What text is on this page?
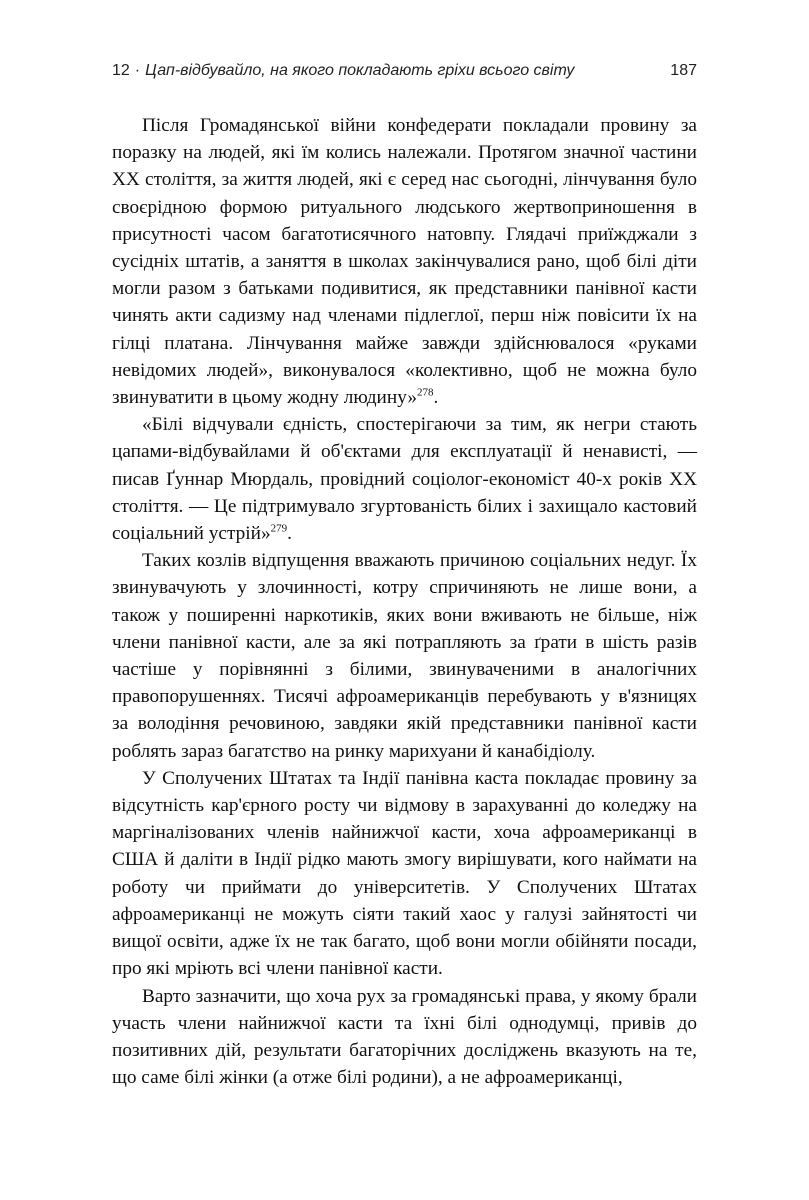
12 · Цап-відбувайло, на якого покладають гріхи всього світу	187

Після Громадянської війни конфедерати покладали провину за поразку на людей, які їм колись належали. Протягом значної частини XX століття, за життя людей, які є серед нас сьогодні, лінчування було своєрідною формою ритуального людського жертвоприношення в присутності часом багатотисячного натовпу. Глядачі приїжджали з сусідніх штатів, а заняття в школах закінчувалися рано, щоб білі діти могли разом з батьками подивитися, як представники панівної касти чинять акти садизму над членами підлеглої, перш ніж повісити їх на гілці платана. Лінчування майже завжди здійснювалося «руками невідомих людей», виконувалося «колективно, щоб не можна було звинуватити в цьому жодну людину»$^{278}$.

«Білі відчували єдність, спостерігаючи за тим, як негри стають цапами-відбувайлами й об'єктами для експлуатації й ненависті, — писав Ґуннар Мюрдаль, провідний соціолог-економіст 40-х років XX століття. — Це підтримувало згуртованість білих і захищало кастовий соціальний устрій»$^{279}$.

Таких козлів відпущення вважають причиною соціальних недуг. Їх звинувачують у злочинності, котру спричиняють не лише вони, а також у поширенні наркотиків, яких вони вживають не більше, ніж члени панівної касти, але за які потрапляють за ґрати в шість разів частіше у порівнянні з білими, звинуваченими в аналогічних правопорушеннях. Тисячі афроамериканців перебувають у в'язницях за володіння речовиною, завдяки якій представники панівної касти роблять зараз багатство на ринку марихуани й канабідіолу.

У Сполучених Штатах та Індії панівна каста покладає провину за відсутність кар'єрного росту чи відмову в зарахуванні до коледжу на маргіналізованих членів найнижчої касти, хоча афроамериканці в США й даліти в Індії рідко мають змогу вирішувати, кого наймати на роботу чи приймати до університетів. У Сполучених Штатах афроамериканці не можуть сіяти такий хаос у галузі зайнятості чи вищої освіти, адже їх не так багато, щоб вони могли обійняти посади, про які мріють всі члени панівної касти.

Варто зазначити, що хоча рух за громадянські права, у якому брали участь члени найнижчої касти та їхні білі однодумці, привів до позитивних дій, результати багаторічних досліджень вказують на те, що саме білі жінки (а отже білі родини), а не афроамериканці,
